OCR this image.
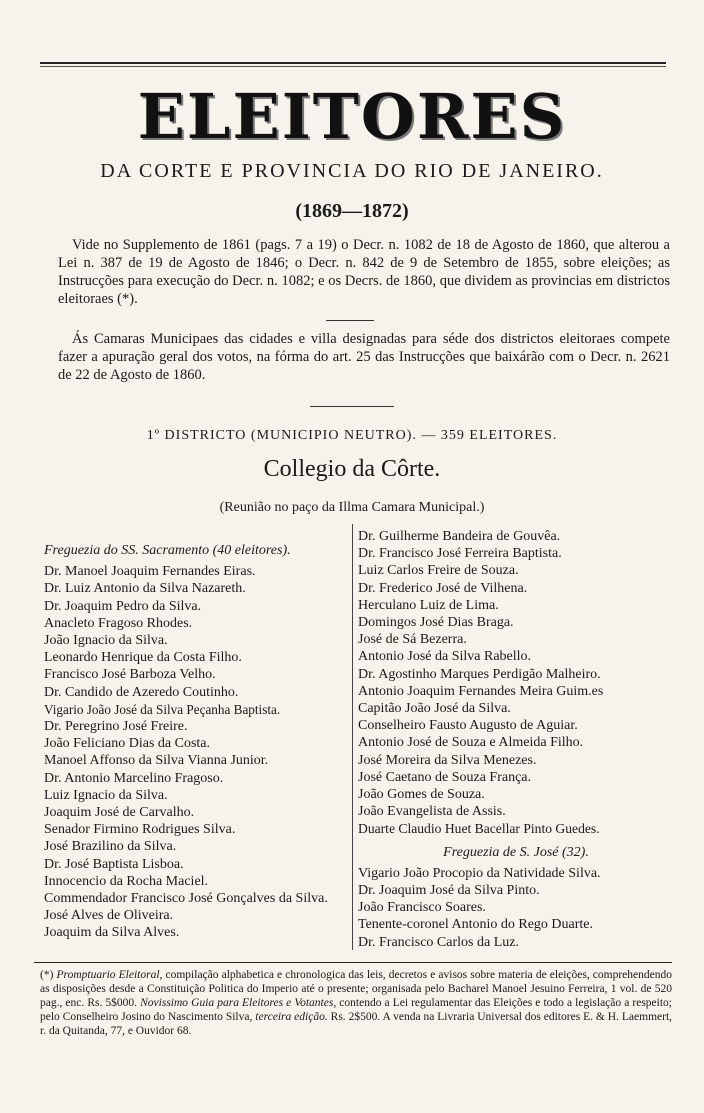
ELEITORES
DA CORTE E PROVINCIA DO RIO DE JANEIRO.
(1869—1872)
Vide no Supplemento de 1861 (pags. 7 a 19) o Decr. n. 1082 de 18 de Agosto de 1860, que alterou a Lei n. 387 de 19 de Agosto de 1846; o Decr. n. 842 de 9 de Setembro de 1855, sobre eleições; as Instrucções para execução do Decr. n. 1082; e os Decrs. de 1860, que dividem as provincias em districtos eleitoraes (*).
Ás Camaras Municipaes das cidades e villa designadas para séde dos districtos eleitoraes compete fazer a apuração geral dos votos, na fórma do art. 25 das Instrucções que baixárão com o Decr. n. 2621 de 22 de Agosto de 1860.
1º DISTRICTO (MUNICIPIO NEUTRO). — 359 ELEITORES.
Collegio da Côrte.
(Reunião no paço da Illma Camara Municipal.)
Freguezia do SS. Sacramento (40 eleitores).
Dr. Manoel Joaquim Fernandes Eiras.
Dr. Luiz Antonio da Silva Nazareth.
Dr. Joaquim Pedro da Silva.
Anacleto Fragoso Rhodes.
João Ignacio da Silva.
Leonardo Henrique da Costa Filho.
Francisco José Barboza Velho.
Dr. Candido de Azeredo Coutinho.
Vigario João José da Silva Peçanha Baptista.
Dr. Peregrino José Freire.
João Feliciano Dias da Costa.
Manoel Affonso da Silva Vianna Junior.
Dr. Antonio Marcelino Fragoso.
Luiz Ignacio da Silva.
Joaquim José de Carvalho.
Senador Firmino Rodrigues Silva.
José Brazilino da Silva.
Dr. José Baptista Lisboa.
Innocencio da Rocha Maciel.
Commendador Francisco José Gonçalves da Silva.
José Alves de Oliveira.
Joaquim da Silva Alves.
Dr. Guilherme Bandeira de Gouvêa.
Dr. Francisco José Ferreira Baptista.
Luiz Carlos Freire de Souza.
Dr. Frederico José de Vilhena.
Herculano Luiz de Lima.
Domingos José Dias Braga.
José de Sá Bezerra.
Antonio José da Silva Rabello.
Dr. Agostinho Marques Perdigão Malheiro.
Antonio Joaquim Fernandes Meira Guim.es
Capitão João José da Silva.
Conselheiro Fausto Augusto de Aguiar.
Antonio José de Souza e Almeida Filho.
José Moreira da Silva Menezes.
José Caetano de Souza França.
João Gomes de Souza.
João Evangelista de Assis.
Duarte Claudio Huet Bacellar Pinto Guedes.
Freguezia de S. José (32).
Vigario João Procopio da Natividade Silva.
Dr. Joaquim José da Silva Pinto.
João Francisco Soares.
Tenente-coronel Antonio do Rego Duarte.
Dr. Francisco Carlos da Luz.
(*) Promptuario Eleitoral, compilação alphabetica e chronologica das leis, decretos e avisos sobre materia de eleições, comprehendendo as disposições desde a Constituição Politica do Imperio até o presente; organisada pelo Bacharel Manoel Jesuino Ferreira, 1 vol. de 520 pag., enc. Rs. 5$000. Novissimo Guia para Eleitores e Votantes, contendo a Lei regulamentar das Eleições e todo a legislação a respeito; pelo Conselheiro Josino do Nascimento Silva, terceira edição. Rs. 2$500. A venda na Livraria Universal dos editores E. & H. Laemmert, r. da Quitanda, 77, e Ouvidor 68.
